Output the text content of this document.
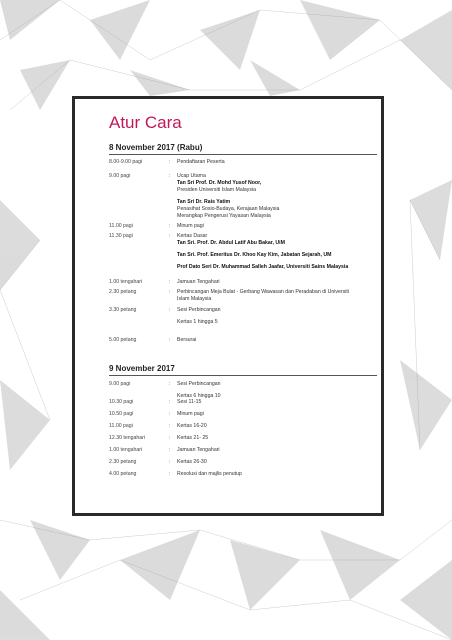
Atur Cara
8 November 2017 (Rabu)
8.00-9.00 pagi	: Pendaftaran Peserta
9.00 pagi	: Ucap Utama
Tan Sri Prof. Dr. Mohd Yusof Noor,
Presiden Universiti Islam Malaysia
Tan Sri Dr. Rais Yatim
Penasihat Sosio-Budaya, Kerajaan Malaysia
Merangkap Pengerusi Yayasan Malaysia
11.00 pagi	: Minum pagi
11.30 pagi	: Kertas Dasar
Tan Sri. Prof. Dr. Abdul Latif Abu Bakar, UiM
Tan Sri. Prof. Emeritus Dr. Khoo Kay Kim, Jabatan Sejarah, UM
Prof Dato Seri Dr. Muhammad Salleh Jaafar, Universiti Sains Malaysia
1.00 tengahari	: Jamuan Tengahari
2.30 petang	: Perbincangan Meja Bulat - Gerbang Wawasan dan Peradaban di Universiti
Islam Malaysia
3.30 petang	: Sesi Perbincangan
Kertas 1 hingga 5
5.00 petang	: Bersurai
9 November 2017
9.00 pagi	: Sesi Perbincangan
Kertas 6 hingga 10
10.30 pagi	: Sesi 11-15
10.50 pagi	: Minum pagi
11.00 pagi	: Kertas 16-20
12.30 tengahari	: Kertas 21- 25
1.00 tengahari	: Jamuan Tengahari
2.30 petang	: Kertas 26-30
4.00 petang	: Resolusi dan majlis penutup
